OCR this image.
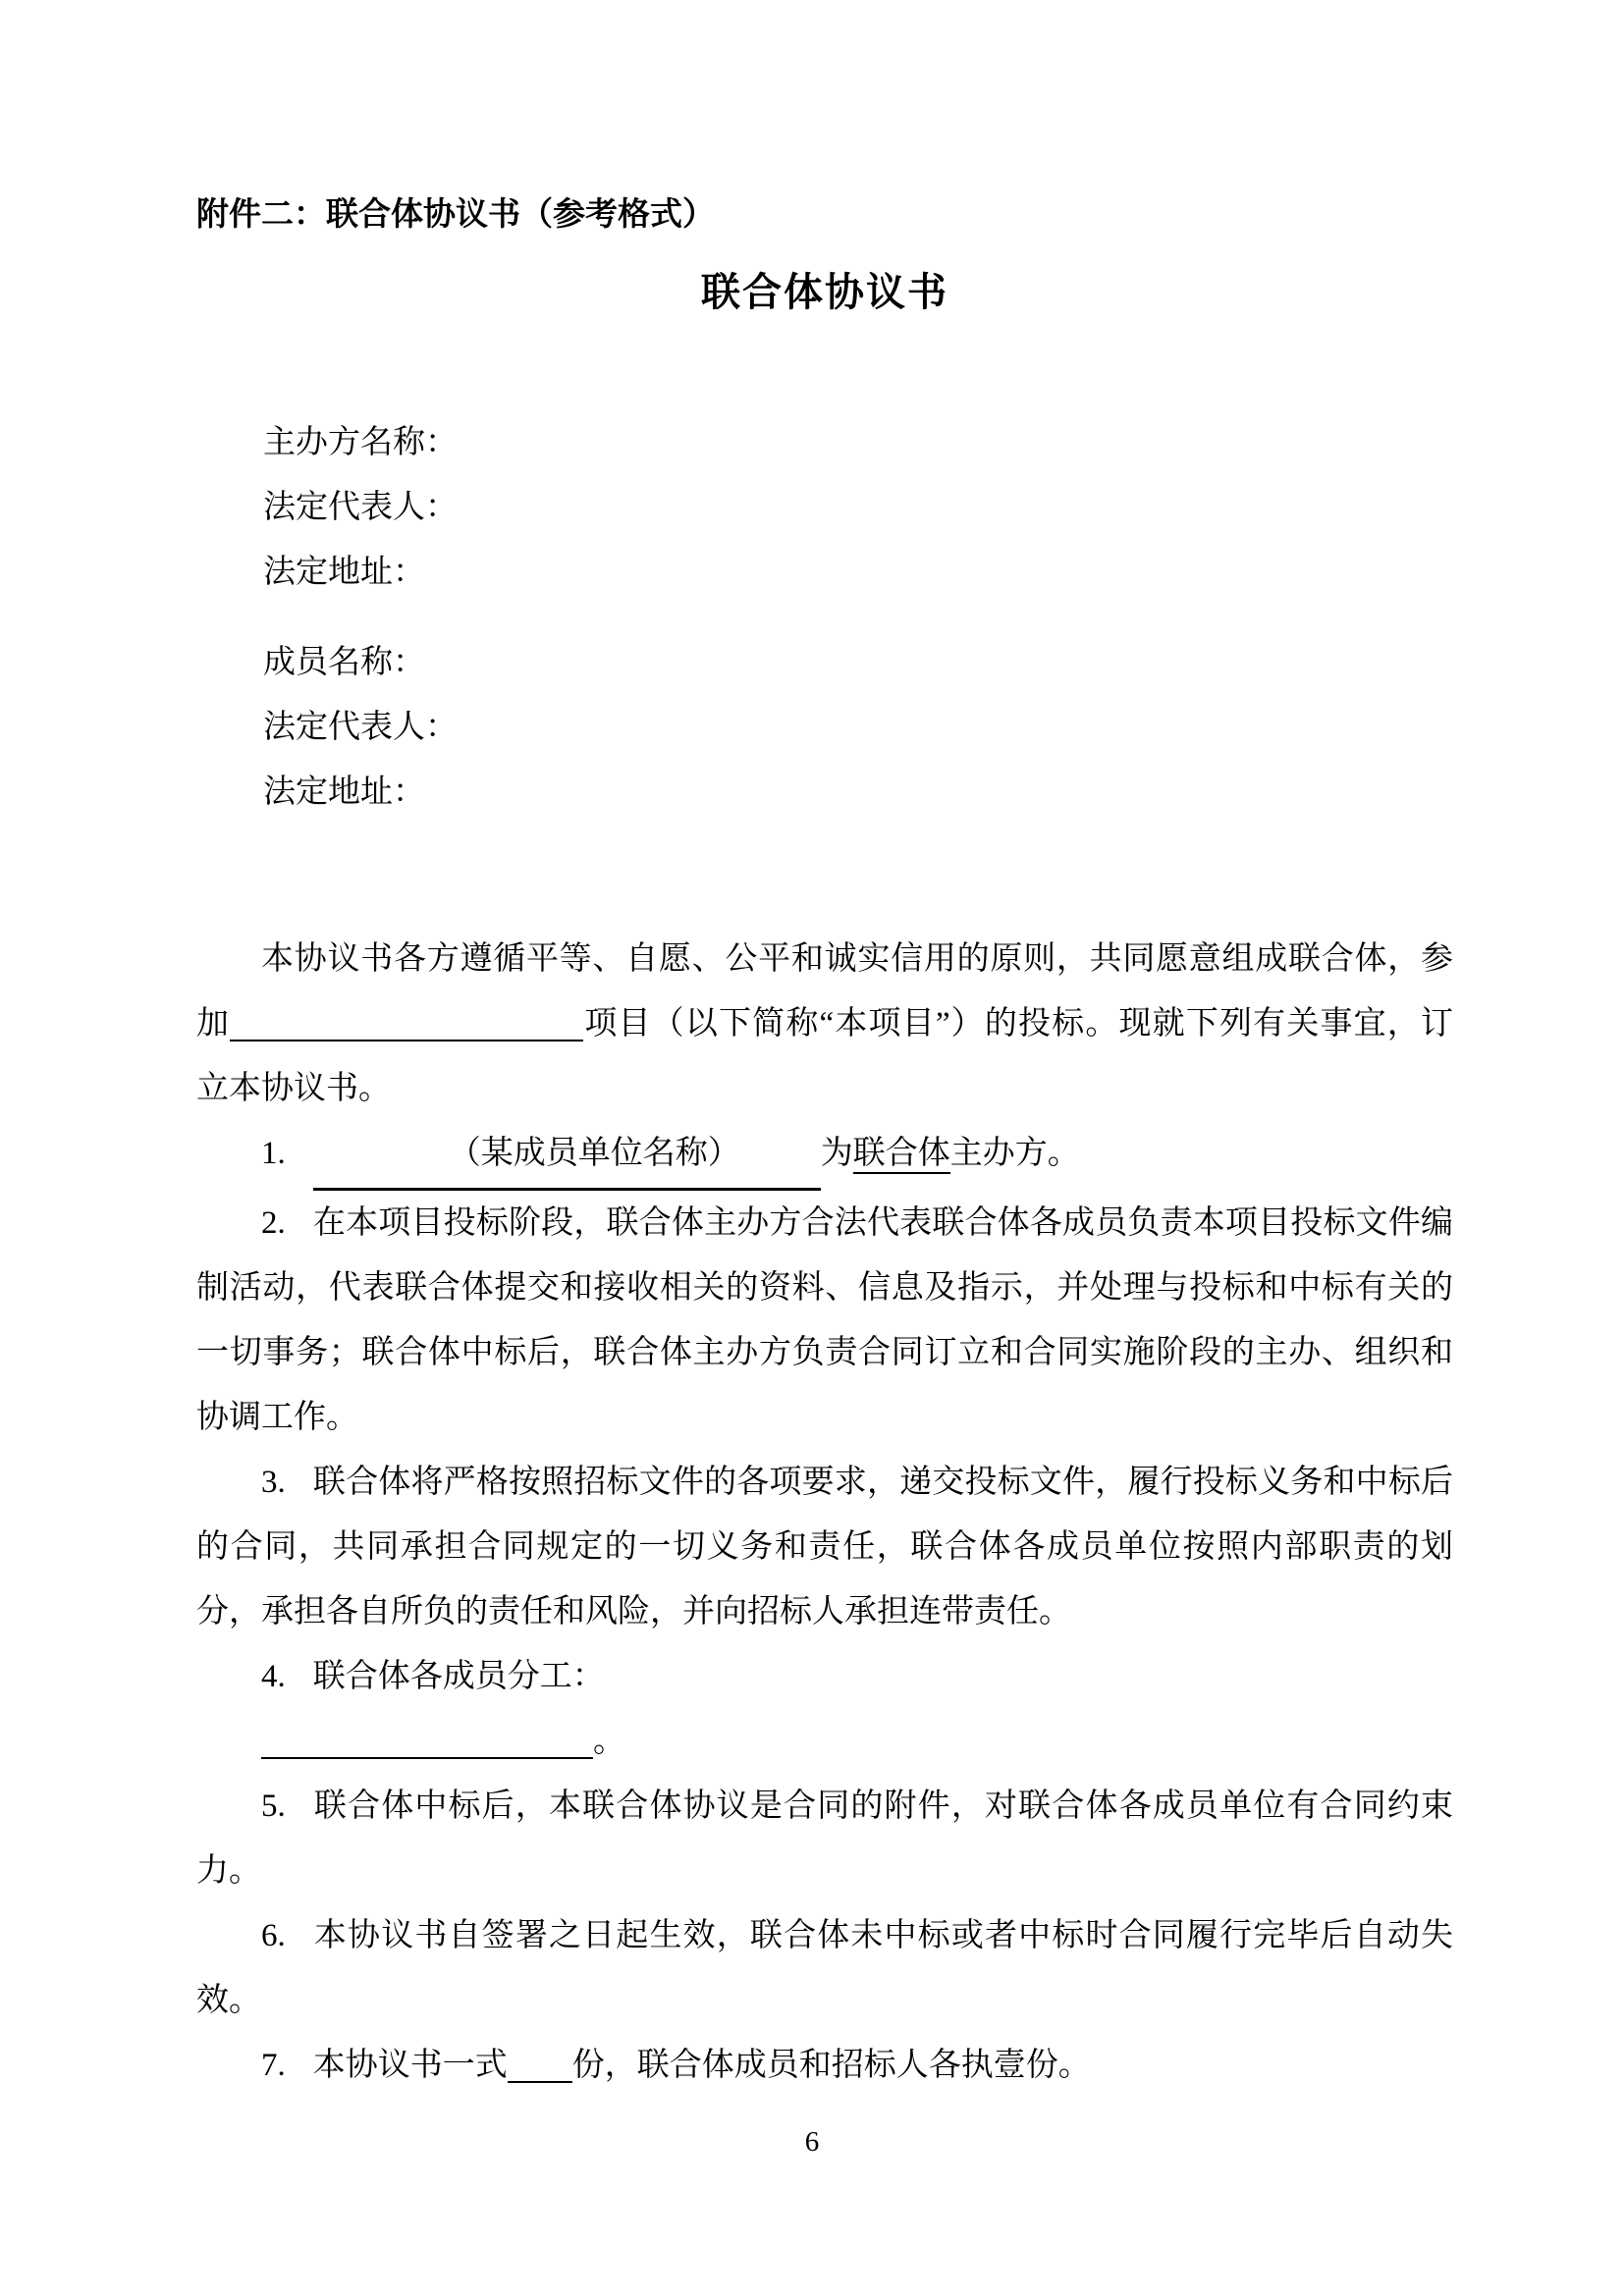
附件二：联合体协议书（参考格式）
联合体协议书
主办方名称：
法定代表人：
法定地址：
成员名称：
法定代表人：
法定地址：

本协议书各方遵循平等、自愿、公平和诚实信用的原则，共同愿意组成联合体，参加	项目（以下简称“本项目”）的投标。现就下列有关事宜，订立本协议书。

1.	（某成员单位名称） 为联合体主办方。

2. 在本项目投标阶段，联合体主办方合法代表联合体各成员负责本项目投标文件编制活动，代表联合体提交和接收相关的资料、信息及指示，并处理与投标和中标有关的一切事务；联合体中标后，联合体主办方负责合同订立和合同实施阶段的主办、组织和协调工作。

3. 联合体将严格按照招标文件的各项要求，递交投标文件，履行投标义务和中标后的合同，共同承担合同规定的一切义务和责任，联合体各成员单位按照内部职责的划分，承担各自所负的责任和风险，并向招标人承担连带责任。

4. 联合体各成员分工：

。

5. 联合体中标后，本联合体协议是合同的附件，对联合体各成员单位有合同约束力。

6. 本协议书自签署之日起生效，联合体未中标或者中标时合同履行完毕后自动失效。

7. 本协议书一式 份，联合体成员和招标人各执壹份。

6
